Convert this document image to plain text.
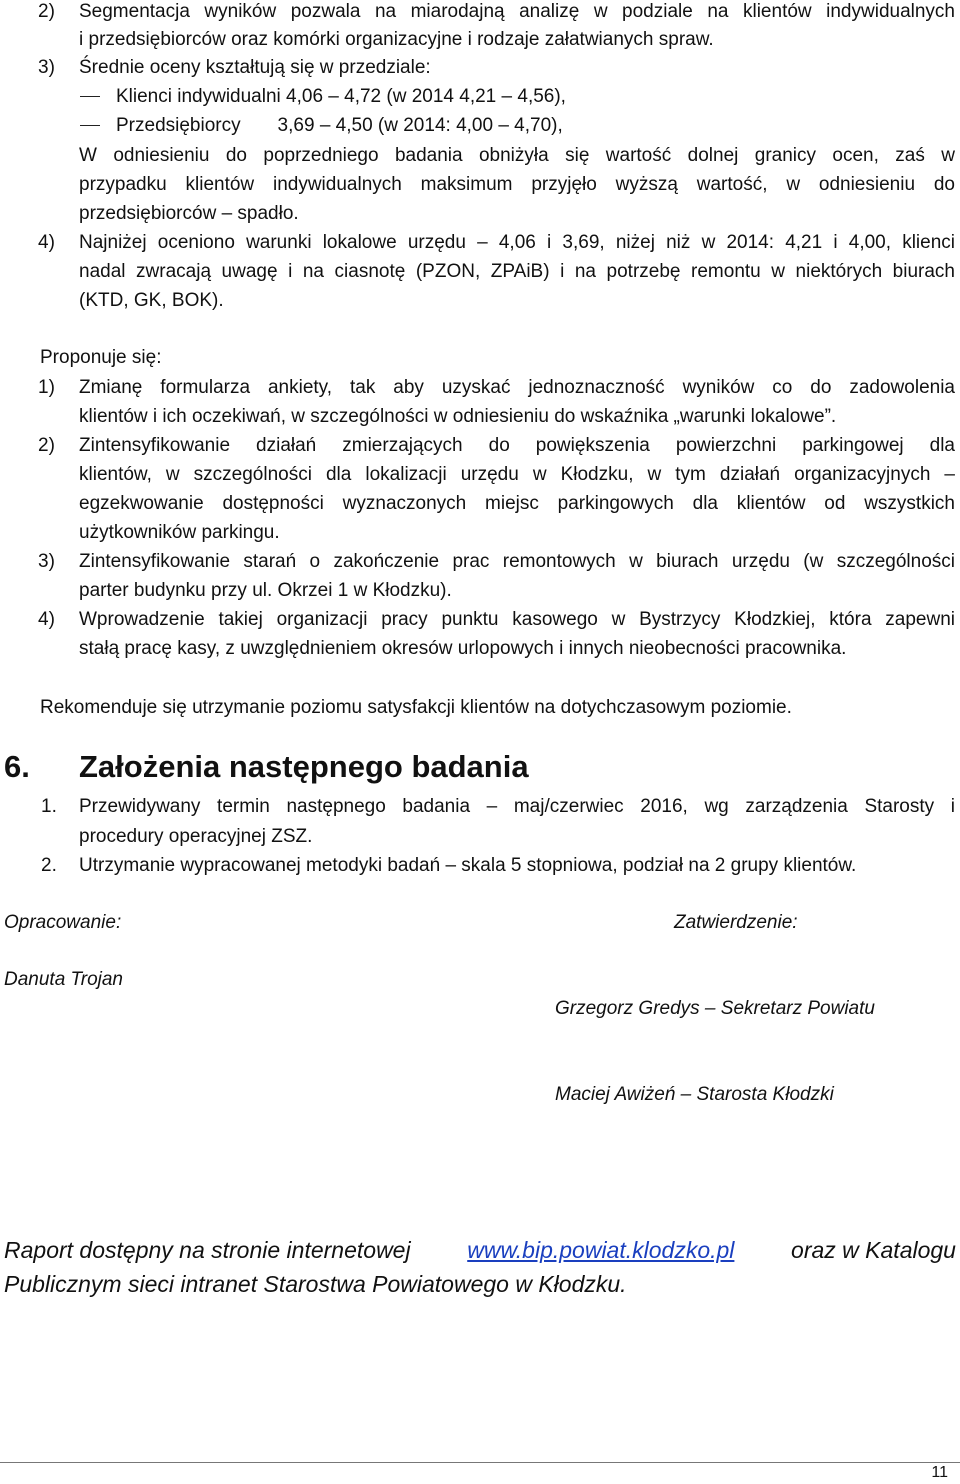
2) Segmentacja wyników pozwala na miarodajną analizę w podziale na klientów indywidualnych
i przedsiębiorców oraz komórki organizacyjne i rodzaje załatwianych spraw.
3) Średnie oceny kształtują się w przedziale:
Klienci indywidualni 4,06 – 4,72 (w 2014 4,21 – 4,56),
Przedsiębiorcy       3,69 – 4,50 (w 2014: 4,00 – 4,70),
W odniesieniu do poprzedniego badania obniżyła się wartość dolnej granicy ocen, zaś w
przypadku klientów indywidualnych maksimum przyjęło wyższą wartość, w odniesieniu do
przedsiębiorców – spadło.
4) Najniżej oceniono warunki lokalowe urzędu – 4,06 i 3,69, niżej niż w 2014: 4,21 i 4,00, klienci
nadal zwracają uwagę i na ciasnotę (PZON, ZPAiB) i na potrzebę remontu w niektórych biurach
(KTD, GK, BOK).
Proponuje się:
1) Zmianę formularza ankiety, tak aby uzyskać jednoznaczność wyników co do zadowolenia
klientów i ich oczekiwań, w szczególności w odniesieniu do wskaźnika „warunki lokalowe”.
2) Zintensyfikowanie działań zmierzających do powiększenia powierzchni parkingowej dla
klientów, w szczególności dla lokalizacji urzędu w Kłodzku, w tym działań organizacyjnych –
egzekwowanie dostępności wyznaczonych miejsc parkingowych dla klientów od wszystkich
użytkowników parkingu.
3) Zintensyfikowanie starań o zakończenie prac remontowych w biurach urzędu (w szczególności
parter budynku przy ul. Okrzei 1 w Kłodzku).
4) Wprowadzenie takiej organizacji pracy punktu kasowego w Bystrzycy Kłodzkiej, która zapewni
stałą pracę kasy, z uwzględnieniem okresów urlopowych i innych nieobecności pracownika.
Rekomenduje się utrzymanie poziomu satysfakcji klientów na dotychczasowym poziomie.
6. Założenia następnego badania
1. Przewidywany termin następnego badania – maj/czerwiec 2016, wg zarządzenia Starosty i
procedury operacyjnej ZSZ.
2. Utrzymanie wypracowanej metodyki badań – skala 5 stopniowa, podział na 2 grupy klientów.
Opracowanie:	Zatwierdzenie:
Danuta Trojan
Grzegorz Gredys – Sekretarz Powiatu
Maciej Awiżeń – Starosta Kłodzki
Raport dostępny na stronie internetowej www.bip.powiat.klodzko.pl oraz w Katalogu
Publicznym sieci intranet Starostwa Powiatowego w Kłodzku.
11
